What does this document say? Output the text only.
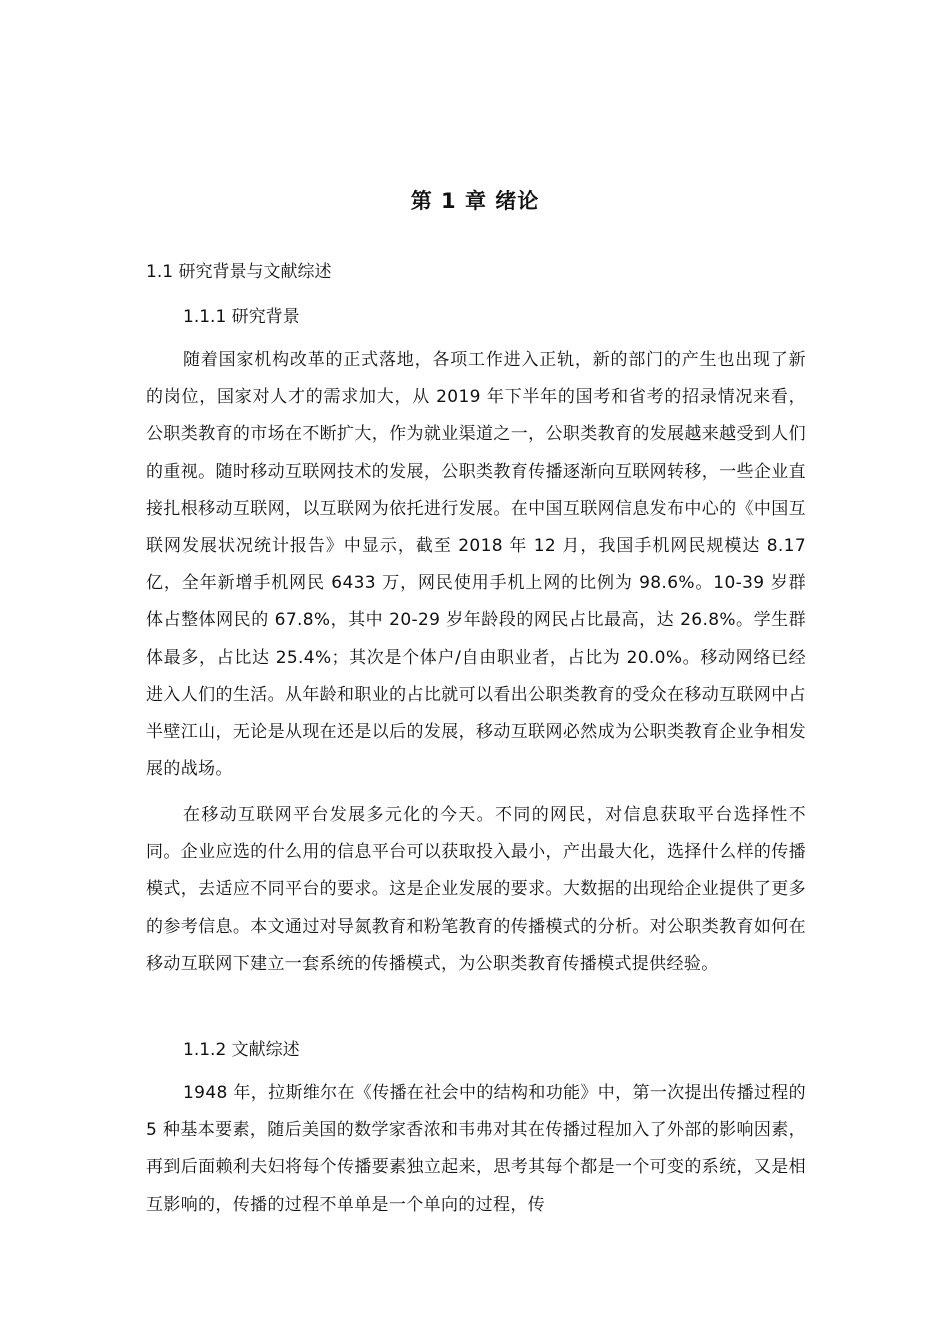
第 1 章 绪论
1.1 研究背景与文献综述
1.1.1 研究背景

随着国家机构改革的正式落地，各项工作进入正轨，新的部门的产生也出现了新的岗位，国家对人才的需求加大，从 2019 年下半年的国考和省考的招录情况来看，公职类教育的市场在不断扩大，作为就业渠道之一，公职类教育的发展越来越受到人们的重视。随时移动互联网技术的发展，公职类教育传播逐渐向互联网转移，一些企业直接扎根移动互联网，以互联网为依托进行发展。在中国互联网信息发布中心的《中国互联网发展状况统计报告》中显示，截至 2018 年 12 月，我国手机网民规模达 8.17 亿，全年新增手机网民 6433 万，网民使用手机上网的比例为 98.6%。10-39 岁群体占整体网民的 67.8%，其中 20-29 岁年龄段的网民占比最高，达 26.8%。学生群体最多，占比达 25.4%；其次是个体户/自由职业者，占比为 20.0%。移动网络已经进入人们的生活。从年龄和职业的占比就可以看出公职类教育的受众在移动互联网中占半壁江山，无论是从现在还是以后的发展，移动互联网必然成为公职类教育企业争相发展的战场。

在移动互联网平台发展多元化的今天。不同的网民，对信息获取平台选择性不同。企业应选的什么用的信息平台可以获取投入最小，产出最大化，选择什么样的传播模式，去适应不同平台的要求。这是企业发展的要求。大数据的出现给企业提供了更多的参考信息。本文通过对导氮教育和粉笔教育的传播模式的分析。对公职类教育如何在移动互联网下建立一套系统的传播模式，为公职类教育传播模式提供经验。

1.1.2 文献综述

1948 年，拉斯维尔在《传播在社会中的结构和功能》中，第一次提出传播过程的 5 种基本要素，随后美国的数学家香浓和韦弗对其在传播过程加入了外部的影响因素，再到后面赖利夫妇将每个传播要素独立起来，思考其每个都是一个可变的系统，又是相互影响的，传播的过程不单单是一个单向的过程，传
